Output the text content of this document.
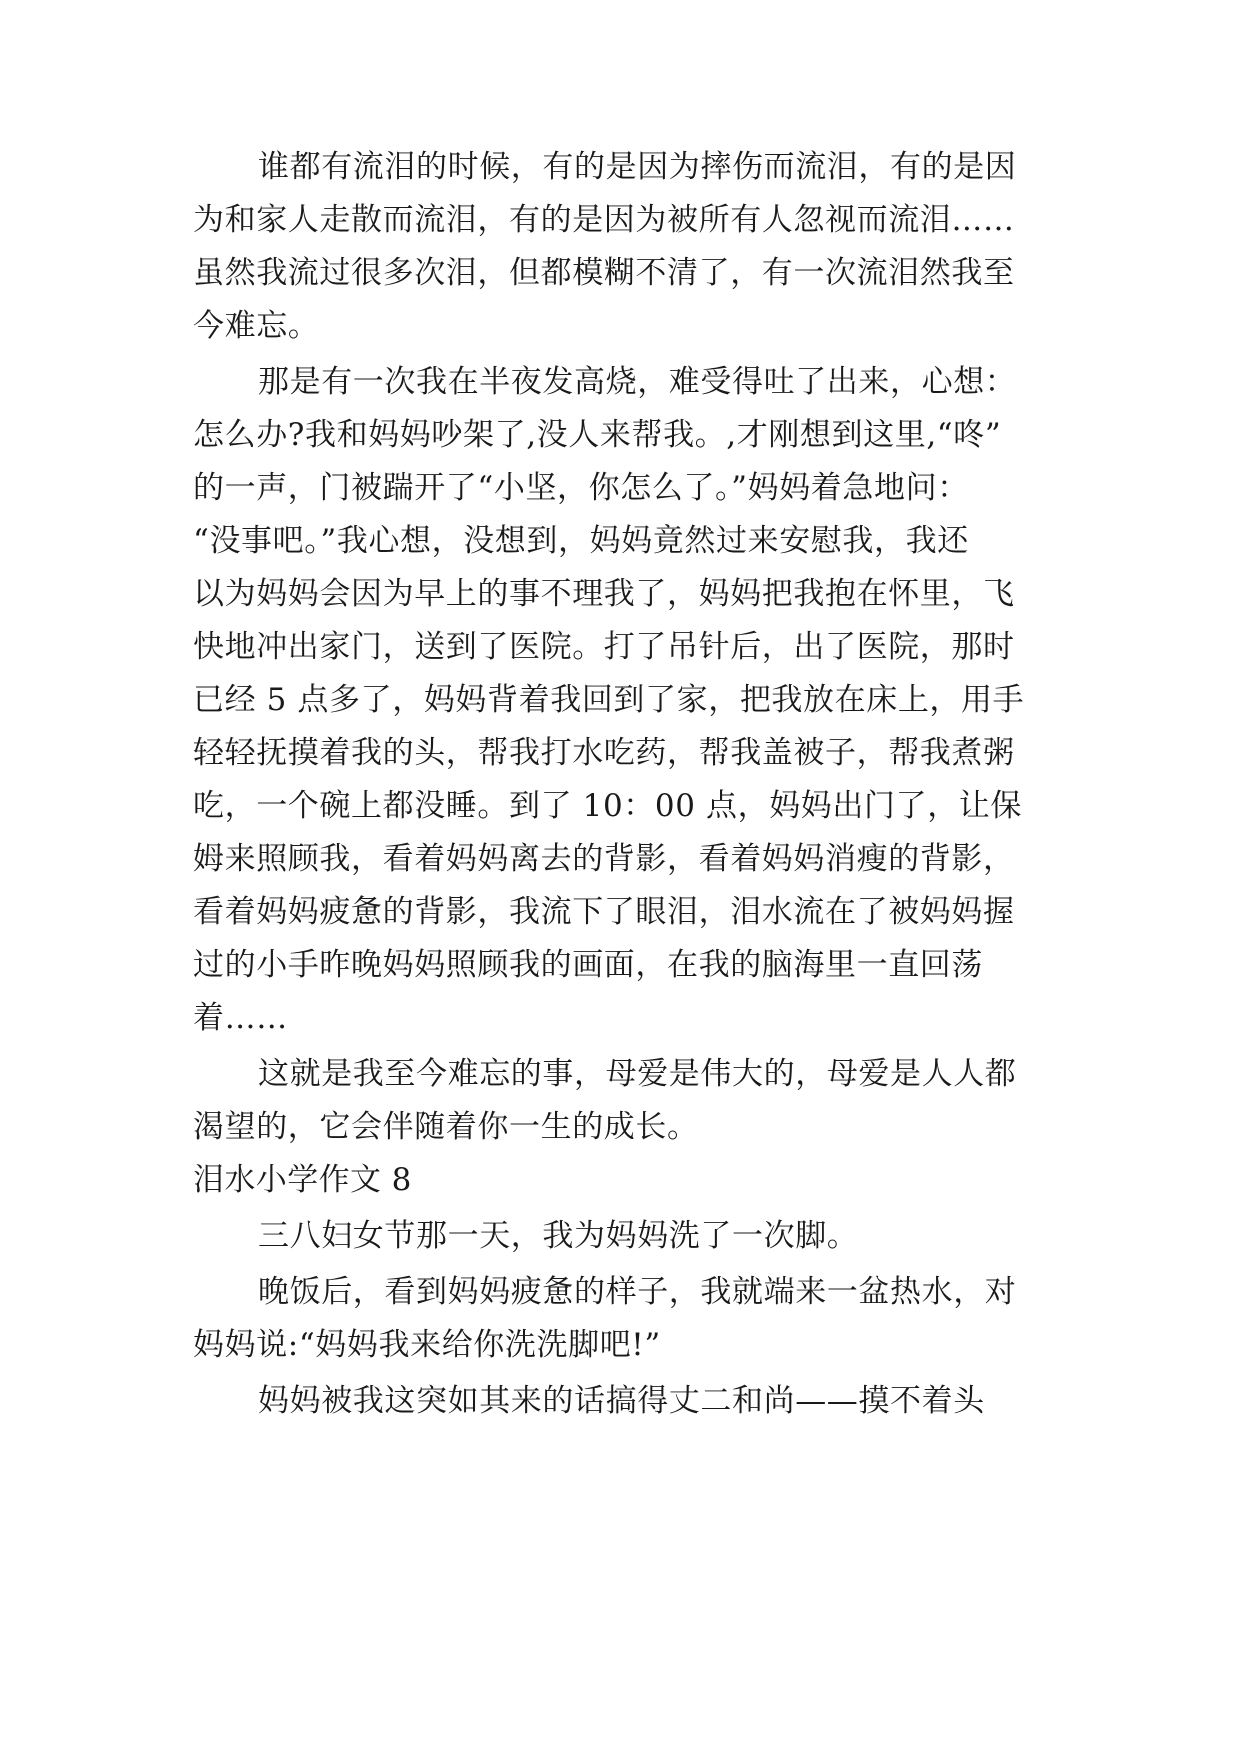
谁都有流泪的时候，有的是因为摔伤而流泪，有的是因
为和家人走散而流泪，有的是因为被所有人忽视而流泪……
虽然我流过很多次泪，但都模糊不清了，有一次流泪然我至
今难忘。
那是有一次我在半夜发高烧，难受得吐了出来，心想：
怎么办?我和妈妈吵架了,没人来帮我。,才刚想到这里,“咚”
的一声，门被踹开了“小坚，你怎么了。”妈妈着急地问：
“没事吧。”我心想，没想到，妈妈竟然过来安慰我，我还
以为妈妈会因为早上的事不理我了，妈妈把我抱在怀里，飞
快地冲出家门，送到了医院。打了吊针后，出了医院，那时
已经 5 点多了，妈妈背着我回到了家，把我放在床上，用手
轻轻抚摸着我的头，帮我打水吃药，帮我盖被子，帮我煮粥
吃，一个碗上都没睡。到了 10：00 点，妈妈出门了，让保
姆来照顾我，看着妈妈离去的背影，看着妈妈消瘦的背影，
看着妈妈疲惫的背影，我流下了眼泪，泪水流在了被妈妈握
过的小手昨晚妈妈照顾我的画面，在我的脑海里一直回荡
着……
这就是我至今难忘的事，母爱是伟大的，母爱是人人都
渴望的，它会伴随着你一生的成长。
泪水小学作文 8
三八妇女节那一天，我为妈妈洗了一次脚。
晚饭后，看到妈妈疲惫的样子，我就端来一盆热水，对
妈妈说:“妈妈我来给你洗洗脚吧!”
妈妈被我这突如其来的话搞得丈二和尚——摸不着头
